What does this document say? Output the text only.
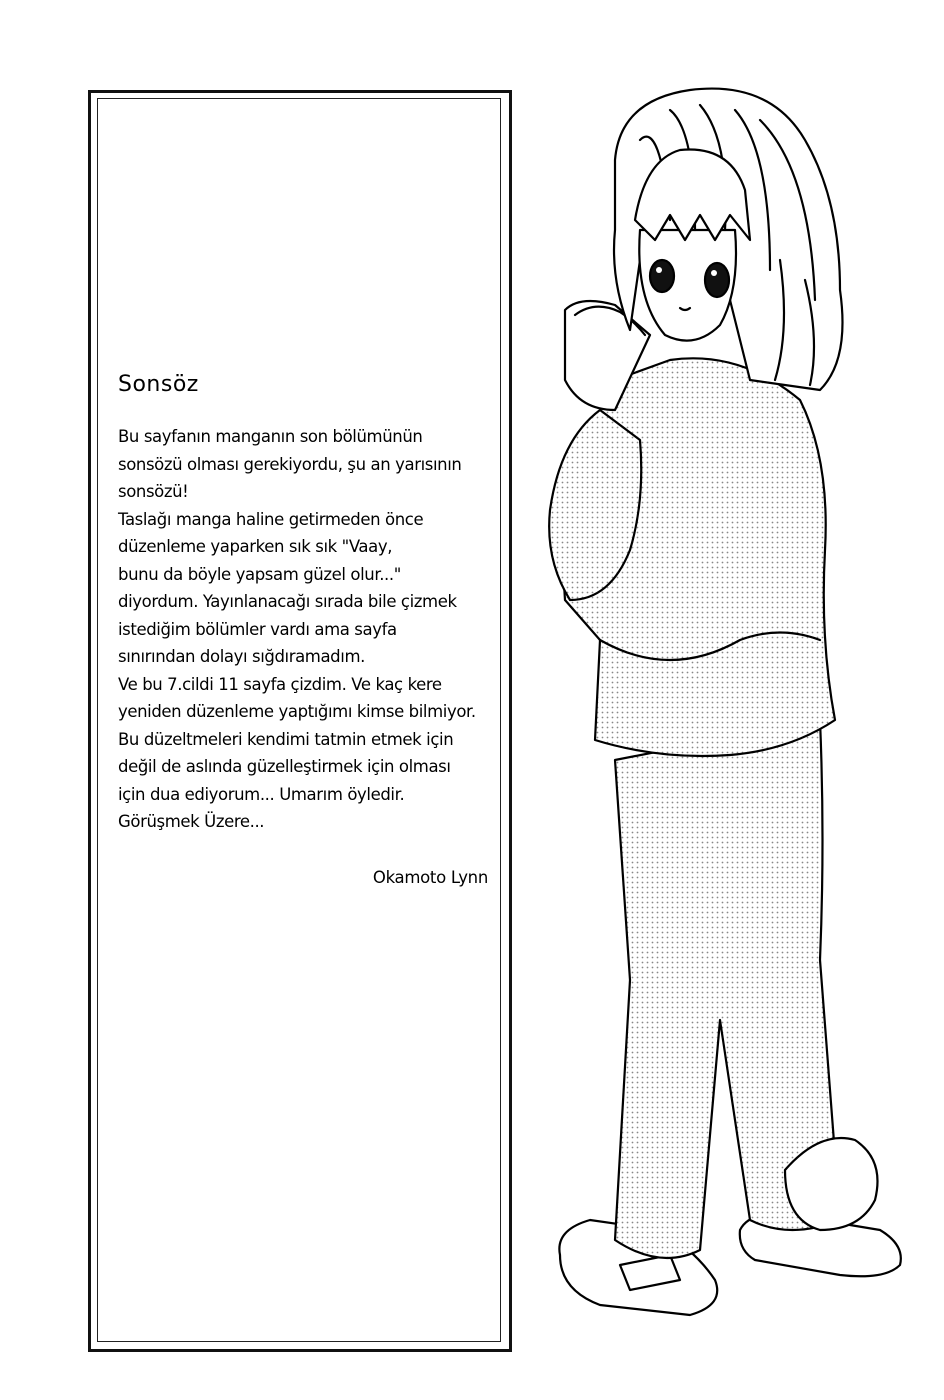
Sonsöz
Bu sayfanın manganın son bölümünün
sonsözü olması gerekiyordu, şu an yarısının
sonsözü!
Taslağı manga haline getirmeden önce
düzenleme yaparken sık sık "Vaay,
bunu da böyle yapsam güzel olur..."
diyordum. Yayınlanacağı sırada bile çizmek
istediğim bölümler vardı ama sayfa
sınırından dolayı sığdıramadım.
Ve bu 7.cildi 11 sayfa çizdim. Ve kaç kere
yeniden düzenleme yaptığımı kimse bilmiyor.
Bu düzeltmeleri kendimi tatmin etmek için
değil de aslında güzelleştirmek için olması
için dua ediyorum... Umarım öyledir.
Görüşmek Üzere...
Okamoto Lynn
